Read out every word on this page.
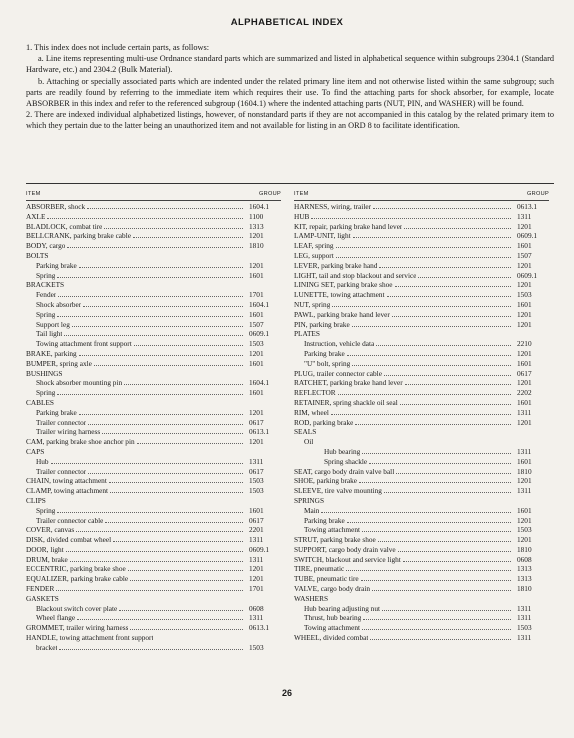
ALPHABETICAL INDEX

1. This index does not include certain parts, as follows:

a. Line items representing multi-use Ordnance standard parts which are summarized and listed in alphabetical sequence within subgroups 2304.1 (Standard Hardware, etc.) and 2304.2 (Bulk Material).

b. Attaching or specially associated parts which are indented under the related primary line item and not otherwise listed within the same subgroup; such parts are readily found by referring to the immediate item which requires their use. To find the attaching parts for shock absorber, for example, locate ABSORBER in this index and refer to the referenced subgroup (1604.1) where the indented attaching parts (NUT, PIN, and WASHER) will be found.

2. There are indexed individual alphabetized listings, however, of nonstandard parts if they are not accompanied in this catalog by the related primary item to which they pertain due to the latter being an unauthorized item and not available for listing in an ORD 8 to facilitate identification.

ITEM	GROUP
ABSORBER, shock	1604.1
AXLE	1100
BLADLOCK, combat tire	1313
BELLCRANK, parking brake cable	1201
BODY, cargo	1810
BOLTS
Parking brake	1201
Spring	1601
BRACKETS
Fender	1701
Shock absorber	1604.1
Spring	1601
Support leg	1507
Tail light	0609.1
Towing attachment front support	1503
BRAKE, parking	1201
BUMPER, spring axle	1601
BUSHINGS
Shock absorber mounting pin	1604.1
Spring	1601
CABLES
Parking brake	1201
Trailer connector	0617
Trailer wiring harness	0613.1
CAM, parking brake shoe anchor pin	1201
CAPS
Hub	1311
Trailer connector	0617
CHAIN, towing attachment	1503
CLAMP, towing attachment	1503
CLIPS
Spring	1601
Trailer connector cable	0617
COVER, canvas	2201
DISK, divided combat wheel	1311
DOOR, light	0609.1
DRUM, brake	1311
ECCENTRIC, parking brake shoe	1201
EQUALIZER, parking brake cable	1201
FENDER	1701
GASKETS
Blackout switch cover plate	0608
Wheel flange	1311
GROMMET, trailer wiring harness	0613.1
HANDLE, towing attachment front support
bracket	1503
ITEM	GROUP
HARNESS, wiring, trailer	0613.1
HUB	1311
KIT, repair, parking brake hand lever	1201
LAMP-UNIT, light	0609.1
LEAF, spring	1601
LEG, support	1507
LEVER, parking brake hand	1201
LIGHT, tail and stop blackout and service	0609.1
LINING SET, parking brake shoe	1201
LUNETTE, towing attachment	1503
NUT, spring	1601
PAWL, parking brake hand lever	1201
PIN, parking brake	1201
PLATES
Instruction, vehicle data	2210
Parking brake	1201
"U" bolt, spring	1601
PLUG, trailer connector cable	0617
RATCHET, parking brake hand lever	1201
REFLECTOR	2202
RETAINER, spring shackle oil seal	1601
RIM, wheel	1311
ROD, parking brake	1201
SEALS
Oil
Hub bearing	1311
Spring shackle	1601
SEAT, cargo body drain valve ball	1810
SHOE, parking brake	1201
SLEEVE, tire valve mounting	1311
SPRINGS
Main	1601
Parking brake	1201
Towing attachment	1503
STRUT, parking brake shoe	1201
SUPPORT, cargo body drain valve	1810
SWITCH, blackout and service light	0608
TIRE, pneumatic	1313
TUBE, pneumatic tire	1313
VALVE, cargo body drain	1810
WASHERS
Hub bearing adjusting nut	1311
Thrust, hub bearing	1311
Towing attachment	1503
WHEEL, divided combat	1311
26
